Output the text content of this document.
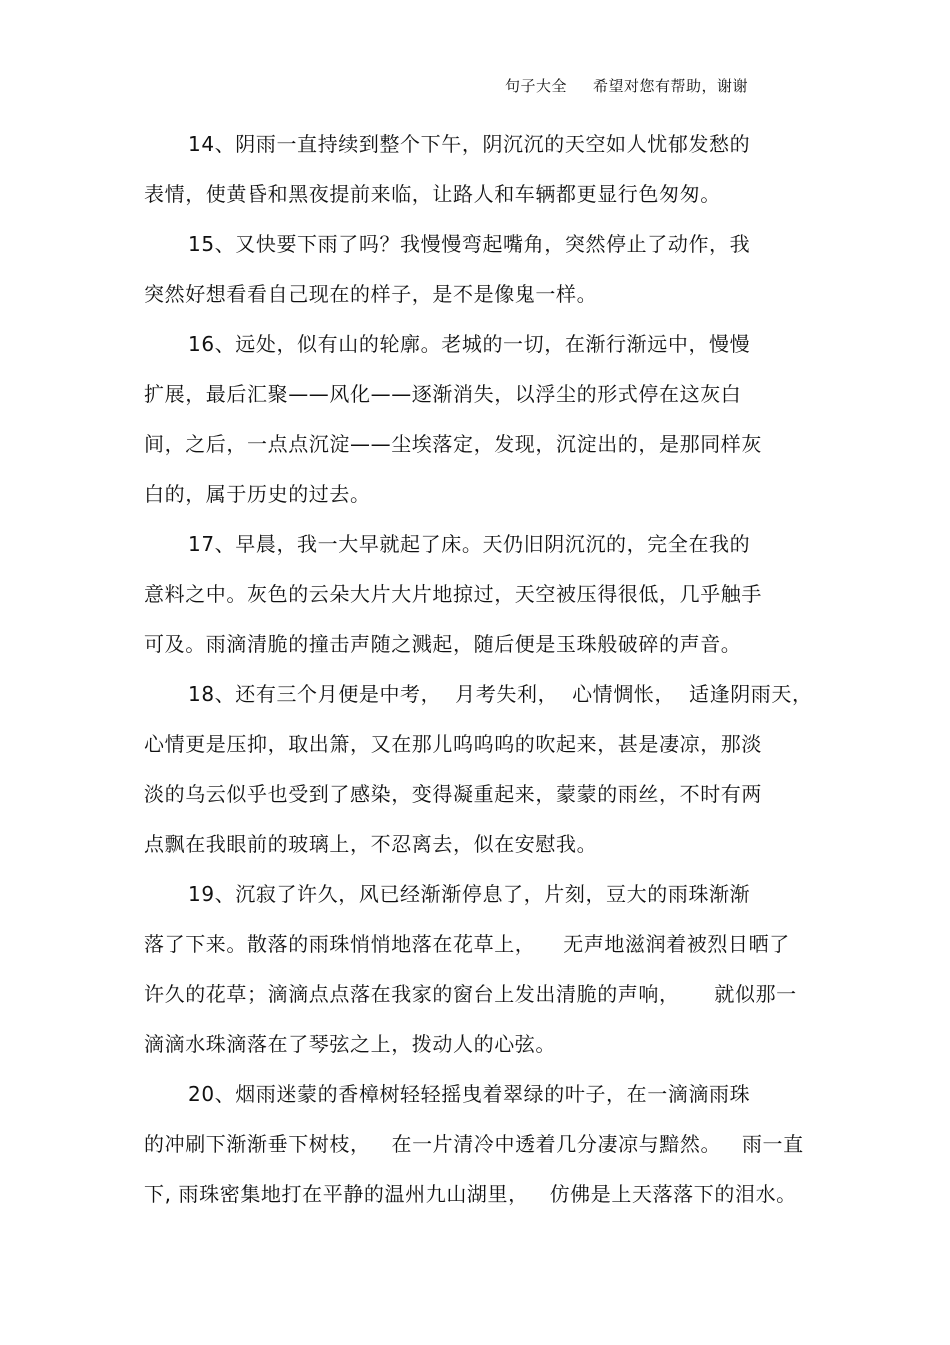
句子大全 希望对您有帮助，谢谢
14、阴雨一直持续到整个下午，阴沉沉的天空如人忧郁发愁的
表情，使黄昏和黑夜提前来临，让路人和车辆都更显行色匆匆。
15、又快要下雨了吗？我慢慢弯起嘴角，突然停止了动作，我
突然好想看看自己现在的样子，是不是像鬼一样。
16、远处，似有山的轮廓。老城的一切，在渐行渐远中，慢慢
扩展，最后汇聚——风化——逐渐消失，以浮尘的形式停在这灰白
间，之后，一点点沉淀——尘埃落定，发现，沉淀出的，是那同样灰
白的，属于历史的过去。
17、早晨，我一大早就起了床。天仍旧阴沉沉的，完全在我的
意料之中。灰色的云朵大片大片地掠过，天空被压得很低，几乎触手
可及。雨滴清脆的撞击声随之溅起，随后便是玉珠般破碎的声音。
18、还有三个月便是中考，  月考失利，  心情惆怅，  适逢阴雨天，
心情更是压抑，取出箫，又在那儿呜呜呜的吹起来，甚是凄凉，那淡
淡的乌云似乎也受到了感染，变得凝重起来，蒙蒙的雨丝，不时有两
点飘在我眼前的玻璃上，不忍离去，似在安慰我。
19、沉寂了许久，风已经渐渐停息了，片刻，豆大的雨珠渐渐
落了下来。散落的雨珠悄悄地落在花草上，    无声地滋润着被烈日晒了
许久的花草；滴滴点点落在我家的窗台上发出清脆的声响，     就似那一
滴滴水珠滴落在了琴弦之上，拨动人的心弦。
20、烟雨迷蒙的香樟树轻轻摇曳着翠绿的叶子，在一滴滴雨珠
的冲刷下渐渐垂下树枝，   在一片清冷中透着几分凄凉与黯然。   雨一直
下, 雨珠密集地打在平静的温州九山湖里，   仿佛是上天落落下的泪水。
